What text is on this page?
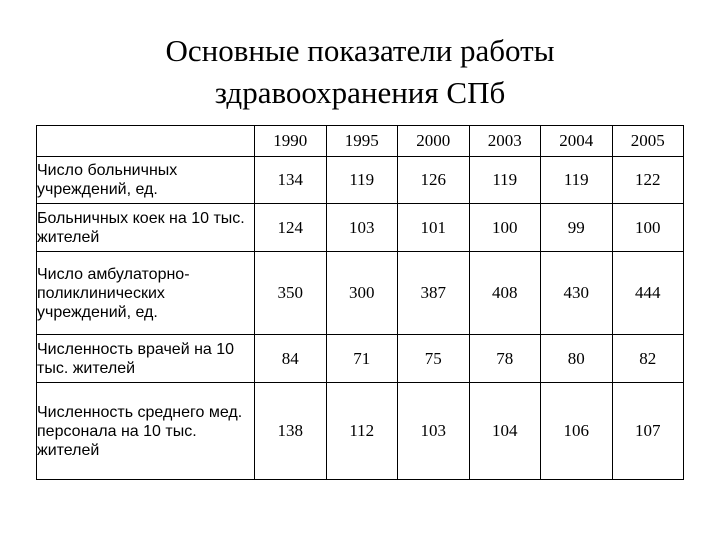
Основные показатели работы
здравоохранения СПб
	1990	1995	2000	2003	2004	2005
Число больничных учреждений, ед.	134	119	126	119	119	122
Больничных коек на 10 тыс. жителей	124	103	101	100	99	100
Число амбулаторно-поликлинических учреждений, ед.	350	300	387	408	430	444
Численность врачей на 10 тыс. жителей	84	71	75	78	80	82
Численность среднего мед. персонала на 10 тыс. жителей	138	112	103	104	106	107
